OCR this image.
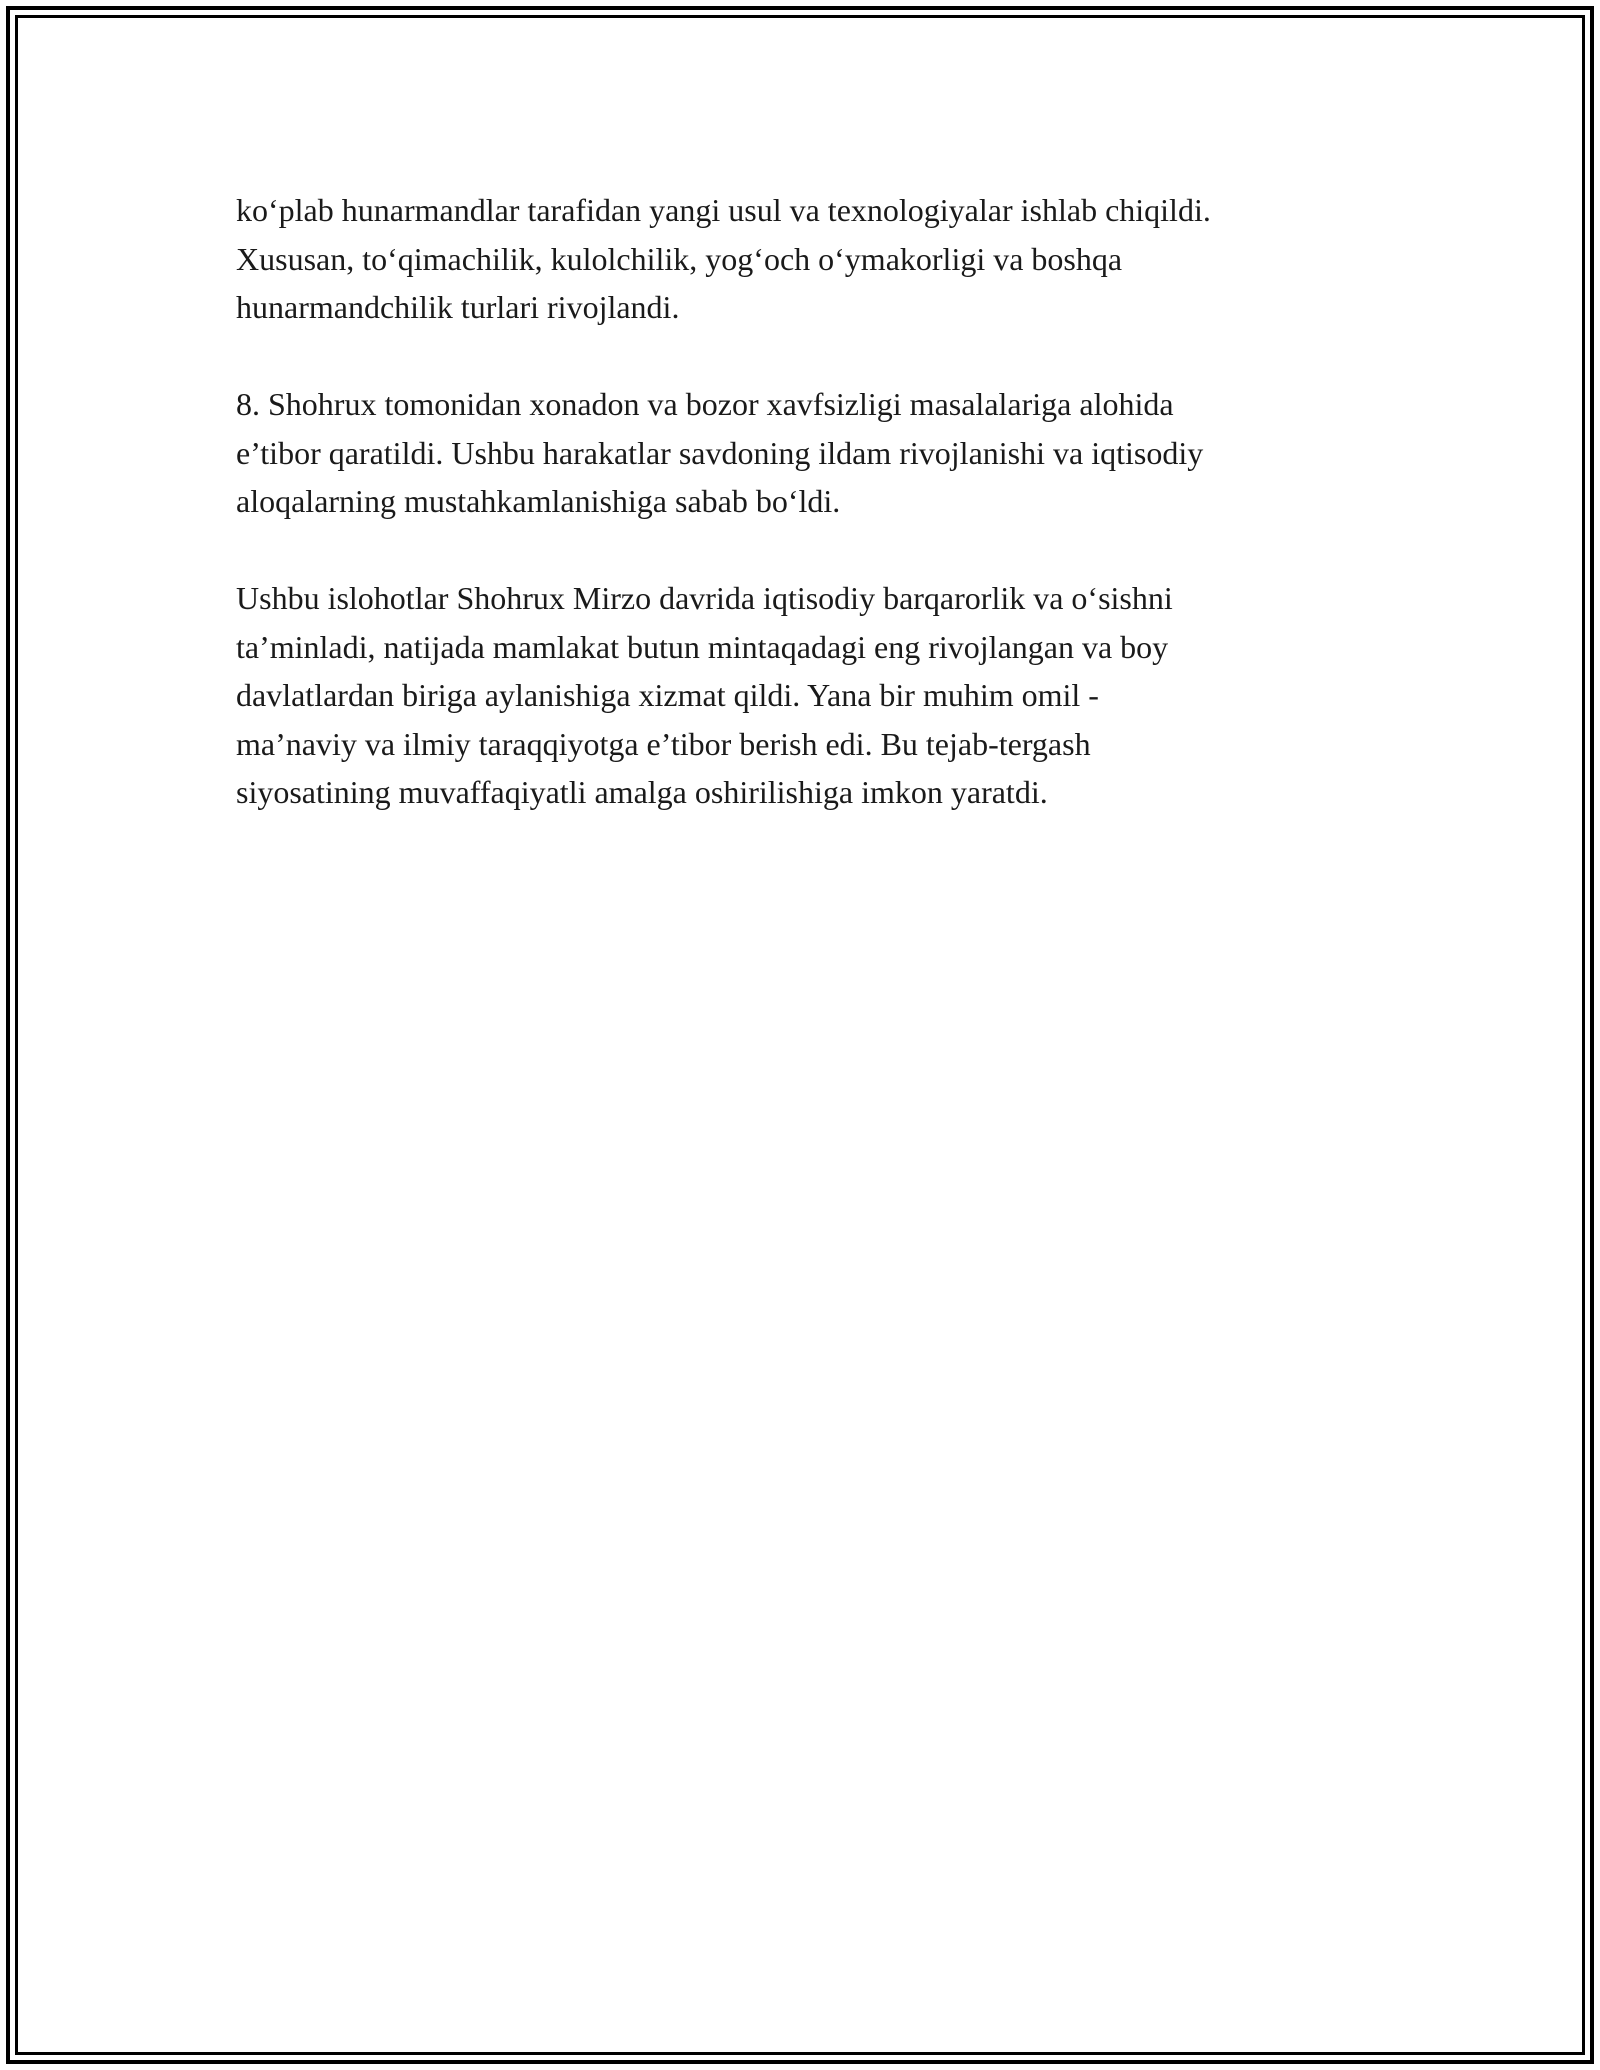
ko‘plab hunarmandlar tarafidan yangi usul va texnologiyalar ishlab chiqildi.
Xususan, to‘qimachilik, kulolchilik, yog‘och o‘ymakorligi va boshqa
hunarmandchilik turlari rivojlandi.

8. Shohrux tomonidan xonadon va bozor xavfsizligi masalalariga alohida
e’tibor qaratildi. Ushbu harakatlar savdoning ildam rivojlanishi va iqtisodiy
aloqalarning mustahkamlanishiga sabab bo‘ldi.

Ushbu islohotlar Shohrux Mirzo davrida iqtisodiy barqarorlik va o‘sishni
ta’minladi, natijada mamlakat butun mintaqadagi eng rivojlangan va boy
davlatlardan biriga aylanishiga xizmat qildi. Yana bir muhim omil -
ma’naviy va ilmiy taraqqiyotga e’tibor berish edi. Bu tejab-tergash
siyosatining muvaffaqiyatli amalga oshirilishiga imkon yaratdi.
